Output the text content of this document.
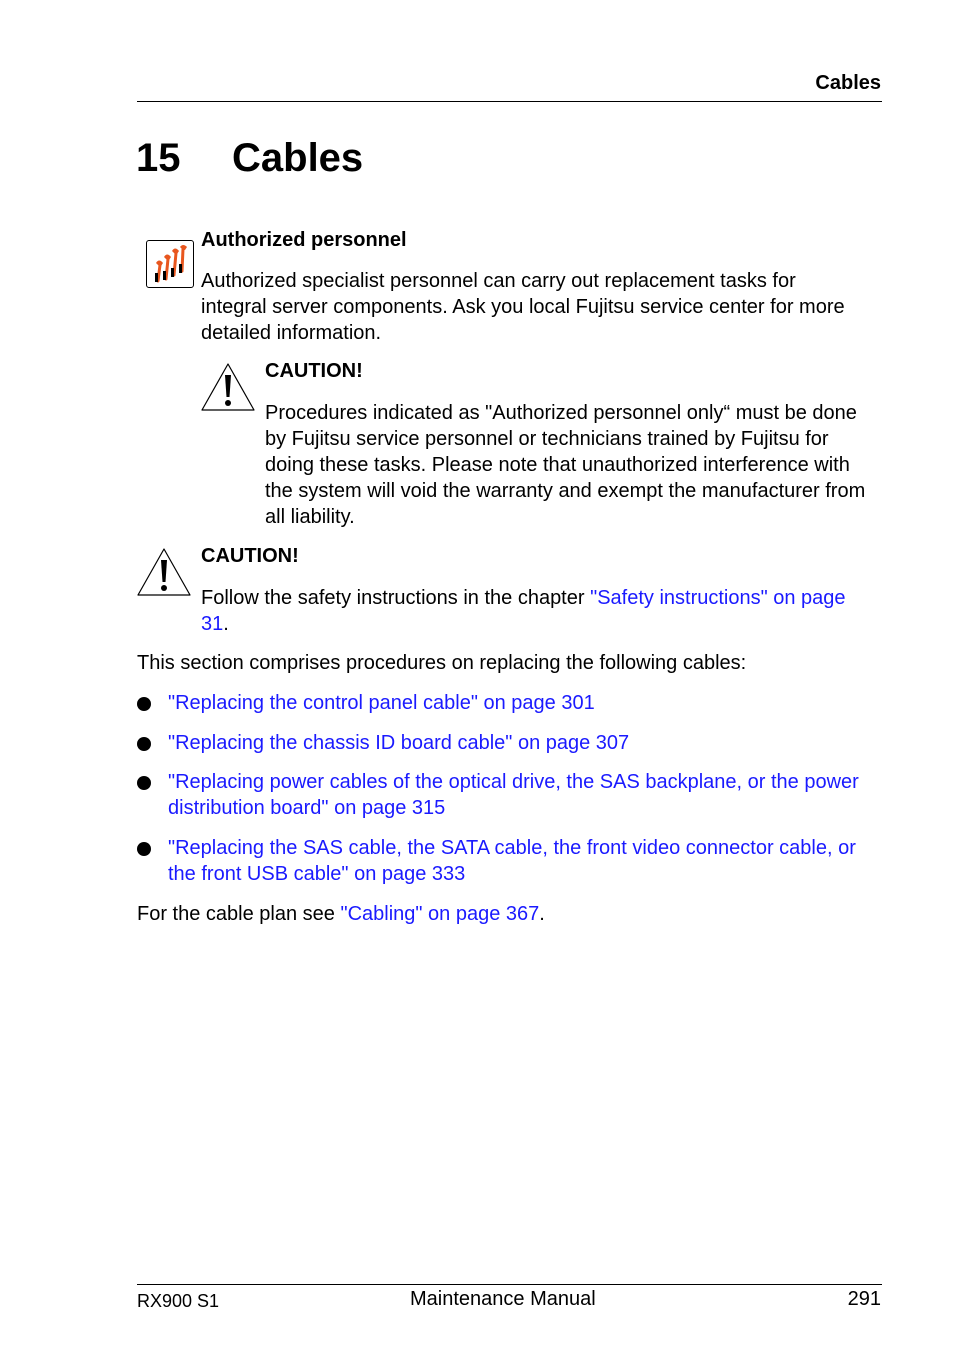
Cables
15 Cables
Authorized personnel
Authorized specialist personnel can carry out replacement tasks for integral server components. Ask you local Fujitsu service center for more detailed information.
CAUTION!
Procedures indicated as "Authorized personnel only“ must be done by Fujitsu service personnel or technicians trained by Fujitsu for doing these tasks. Please note that unauthorized interference with the system will void the warranty and exempt the manufacturer from all liability.
CAUTION!
Follow the safety instructions in the chapter "Safety instructions" on page 31.
This section comprises procedures on replacing the following cables:
"Replacing the control panel cable" on page 301
"Replacing the chassis ID board cable" on page 307
"Replacing power cables of the optical drive, the SAS backplane, or the power distribution board" on page 315
"Replacing the SAS cable, the SATA cable, the front video connector cable, or the front USB cable" on page 333
For the cable plan see "Cabling" on page 367.
RX900 S1	Maintenance Manual	291
